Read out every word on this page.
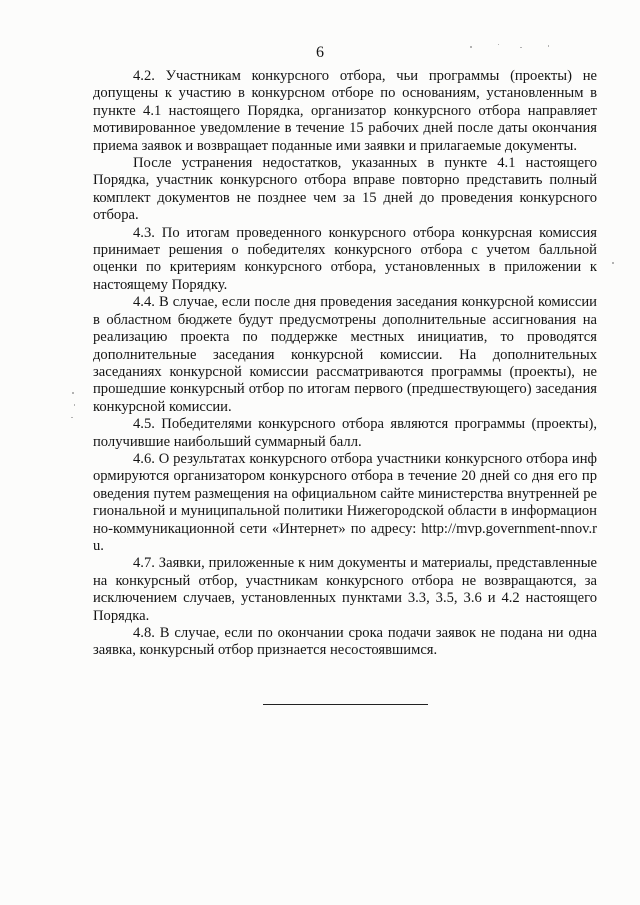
6

4.2. Участникам конкурсного отбора, чьи программы (проекты) не допущены к участию в конкурсном отборе по основаниям, установленным в пункте 4.1 настоящего Порядка, организатор конкурсного отбора направляет мотивированное уведомление в течение 15 рабочих дней после даты окончания приема заявок и возвращает поданные ими заявки и прилагаемые документы.

После устранения недостатков, указанных в пункте 4.1 настоящего Порядка, участник конкурсного отбора вправе повторно представить полный комплект документов не позднее чем за 15 дней до проведения конкурсного отбора.

4.3. По итогам проведенного конкурсного отбора конкурсная комиссия принимает решения о победителях конкурсного отбора с учетом балльной оценки по критериям конкурсного отбора, установленных в приложении к настоящему Порядку.

4.4. В случае, если после дня проведения заседания конкурсной комиссии в областном бюджете будут предусмотрены дополнительные ассигнования на реализацию проекта по поддержке местных инициатив, то проводятся дополнительные заседания конкурсной комиссии. На дополнительных заседаниях конкурсной комиссии рассматриваются программы (проекты), не прошедшие конкурсный отбор по итогам первого (предшествующего) заседания конкурсной комиссии.

4.5. Победителями конкурсного отбора являются программы (проекты), получившие наибольший суммарный балл.

4.6. О результатах конкурсного отбора участники конкурсного отбора информируются организатором конкурсного отбора в течение 20 дней со дня его проведения путем размещения на официальном сайте министерства внутренней региональной и муниципальной политики Нижегородской области в информационно-коммуникационной сети «Интернет» по адресу: http://mvp.government-nnov.ru.

4.7. Заявки, приложенные к ним документы и материалы, представленные на конкурсный отбор, участникам конкурсного отбора не возвращаются, за исключением случаев, установленных пунктами 3.3, 3.5, 3.6 и 4.2 настоящего Порядка.

4.8. В случае, если по окончании срока подачи заявок не подана ни одна заявка, конкурсный отбор признается несостоявшимся.
